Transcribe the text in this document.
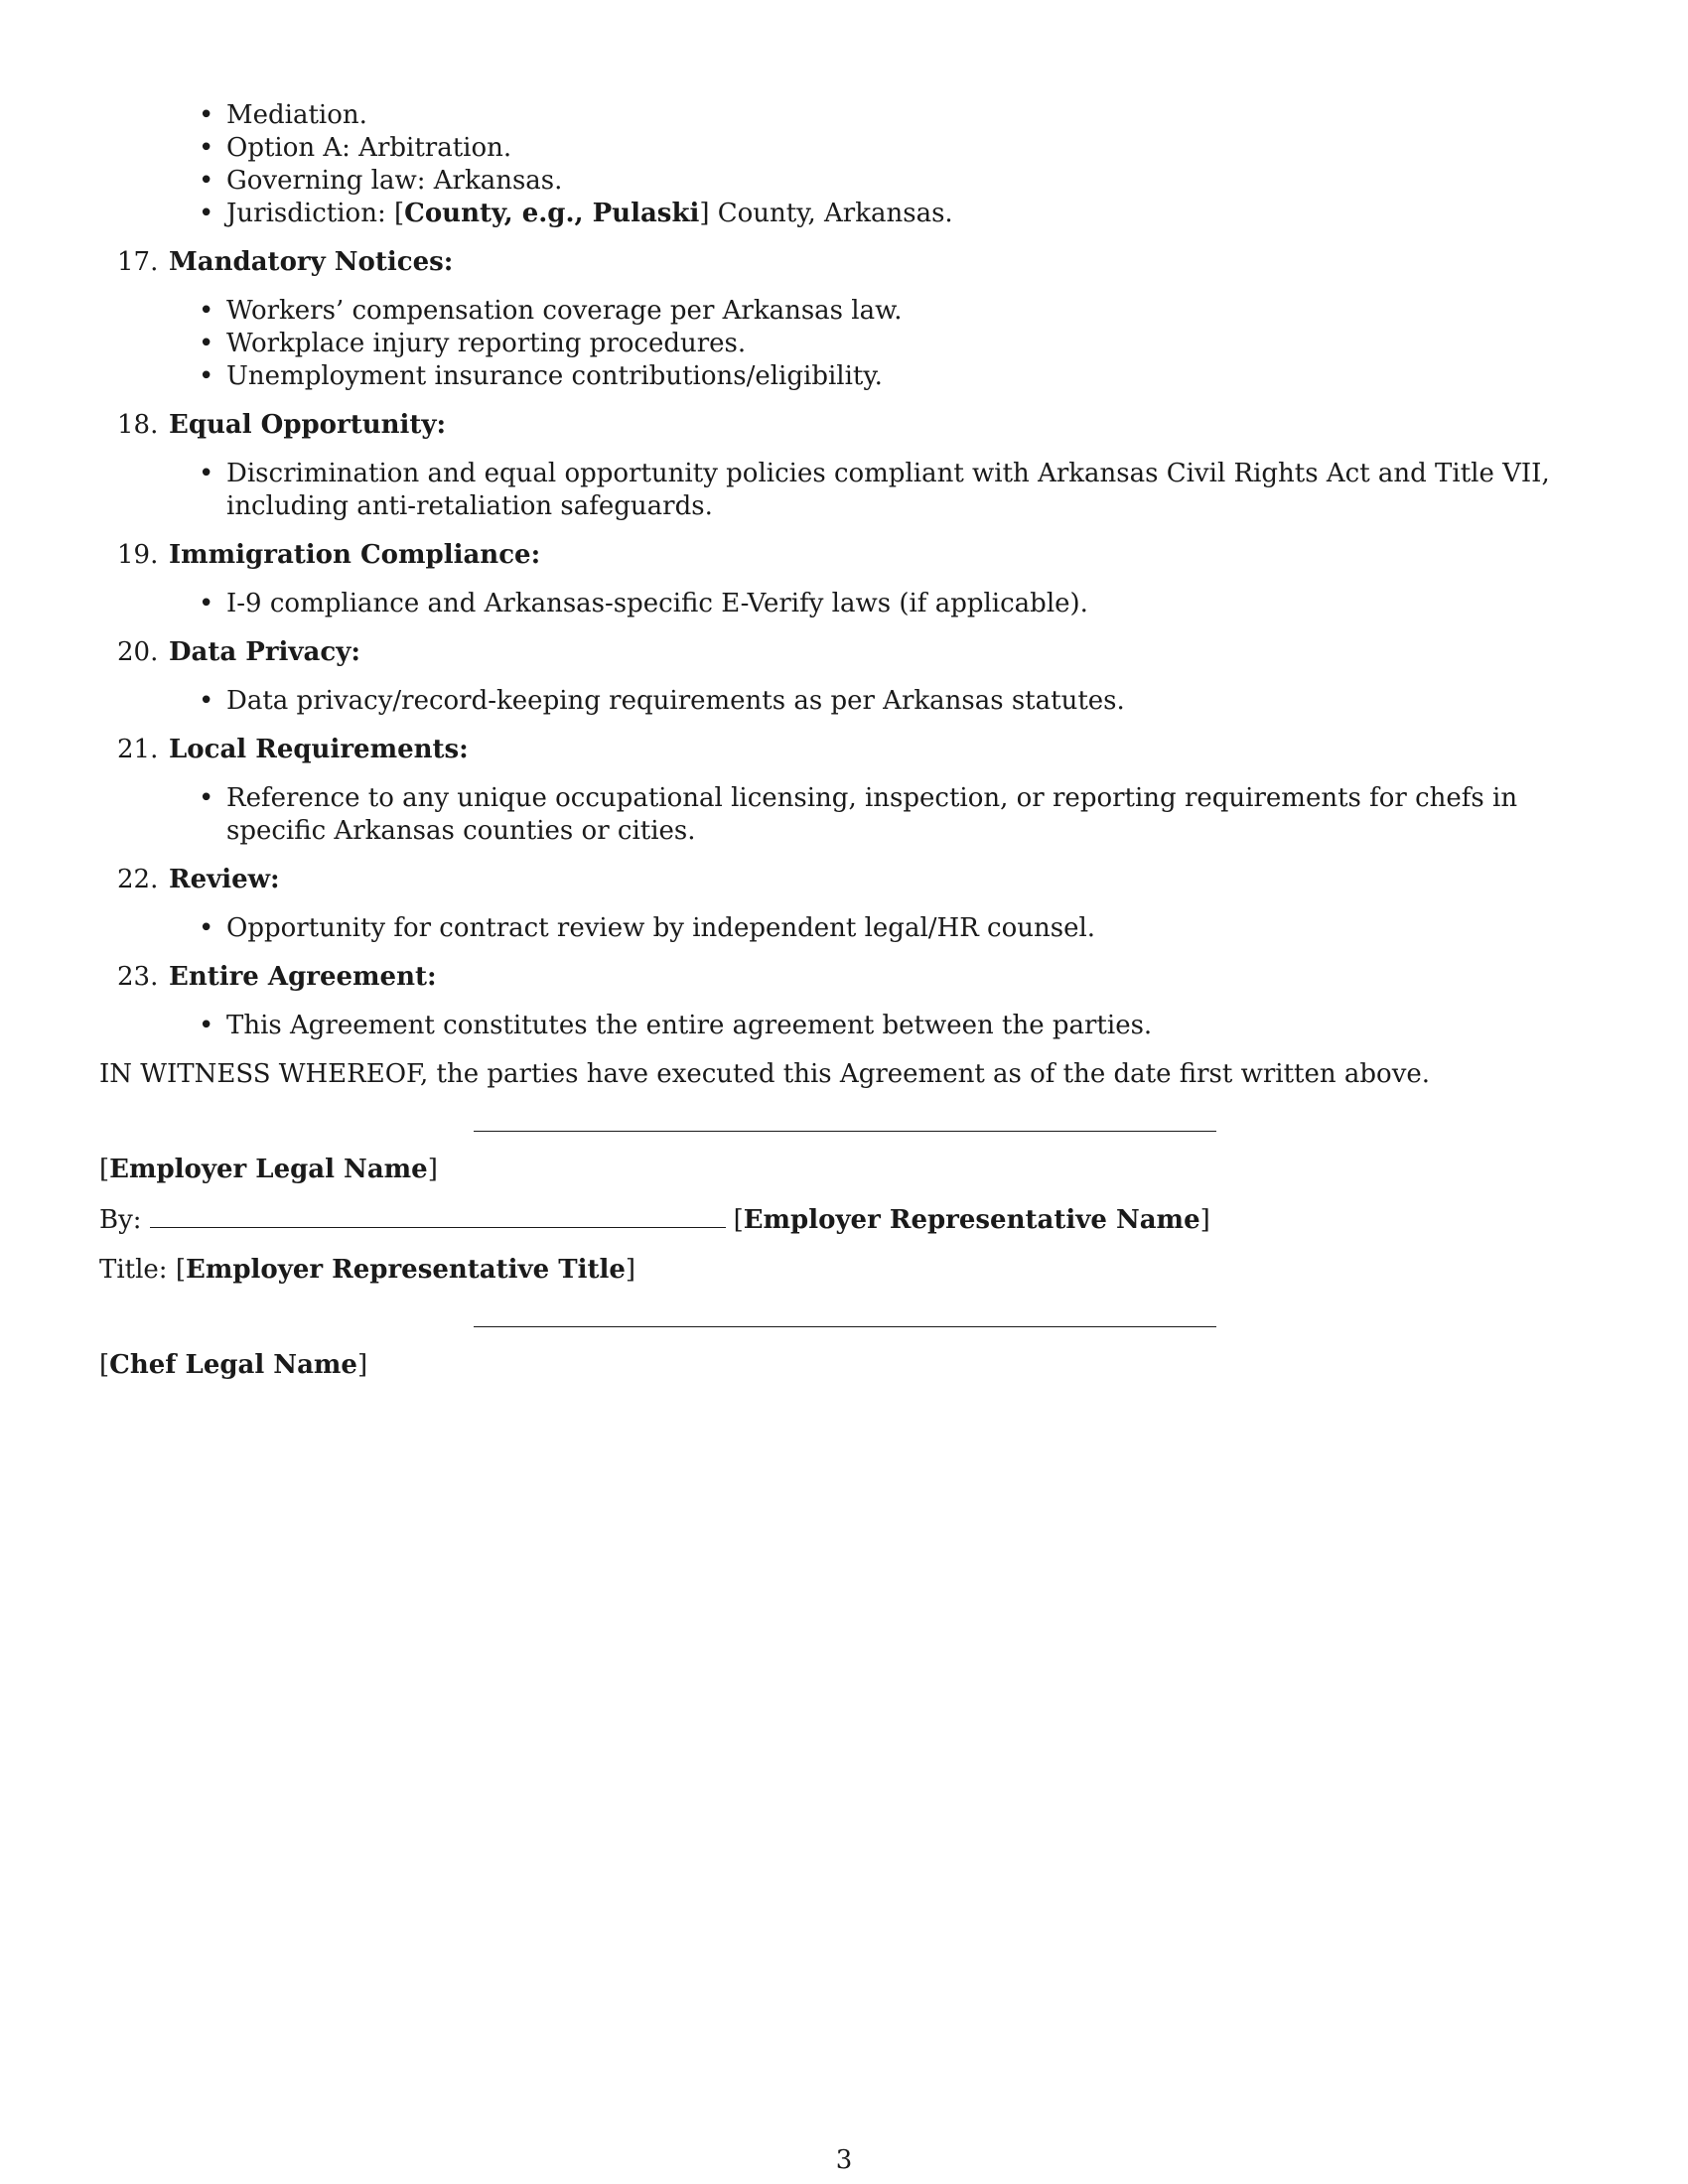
• Mediation.
• Option A: Arbitration.
• Governing law: Arkansas.
• Jurisdiction: [County, e.g., Pulaski] County, Arkansas.
17. Mandatory Notices:
• Workers’ compensation coverage per Arkansas law.
• Workplace injury reporting procedures.
• Unemployment insurance contributions/eligibility.
18. Equal Opportunity:
• Discrimination and equal opportunity policies compliant with Arkansas Civil Rights Act and Title VII, including anti-retaliation safeguards.
19. Immigration Compliance:
• I-9 compliance and Arkansas-specific E-Verify laws (if applicable).
20. Data Privacy:
• Data privacy/record-keeping requirements as per Arkansas statutes.
21. Local Requirements:
• Reference to any unique occupational licensing, inspection, or reporting requirements for chefs in specific Arkansas counties or cities.
22. Review:
• Opportunity for contract review by independent legal/HR counsel.
23. Entire Agreement:
• This Agreement constitutes the entire agreement between the parties.
IN WITNESS WHEREOF, the parties have executed this Agreement as of the date first written above.
[Employer Legal Name]
By:	[Employer Representative Name]
Title: [Employer Representative Title]
[Chef Legal Name]
3
